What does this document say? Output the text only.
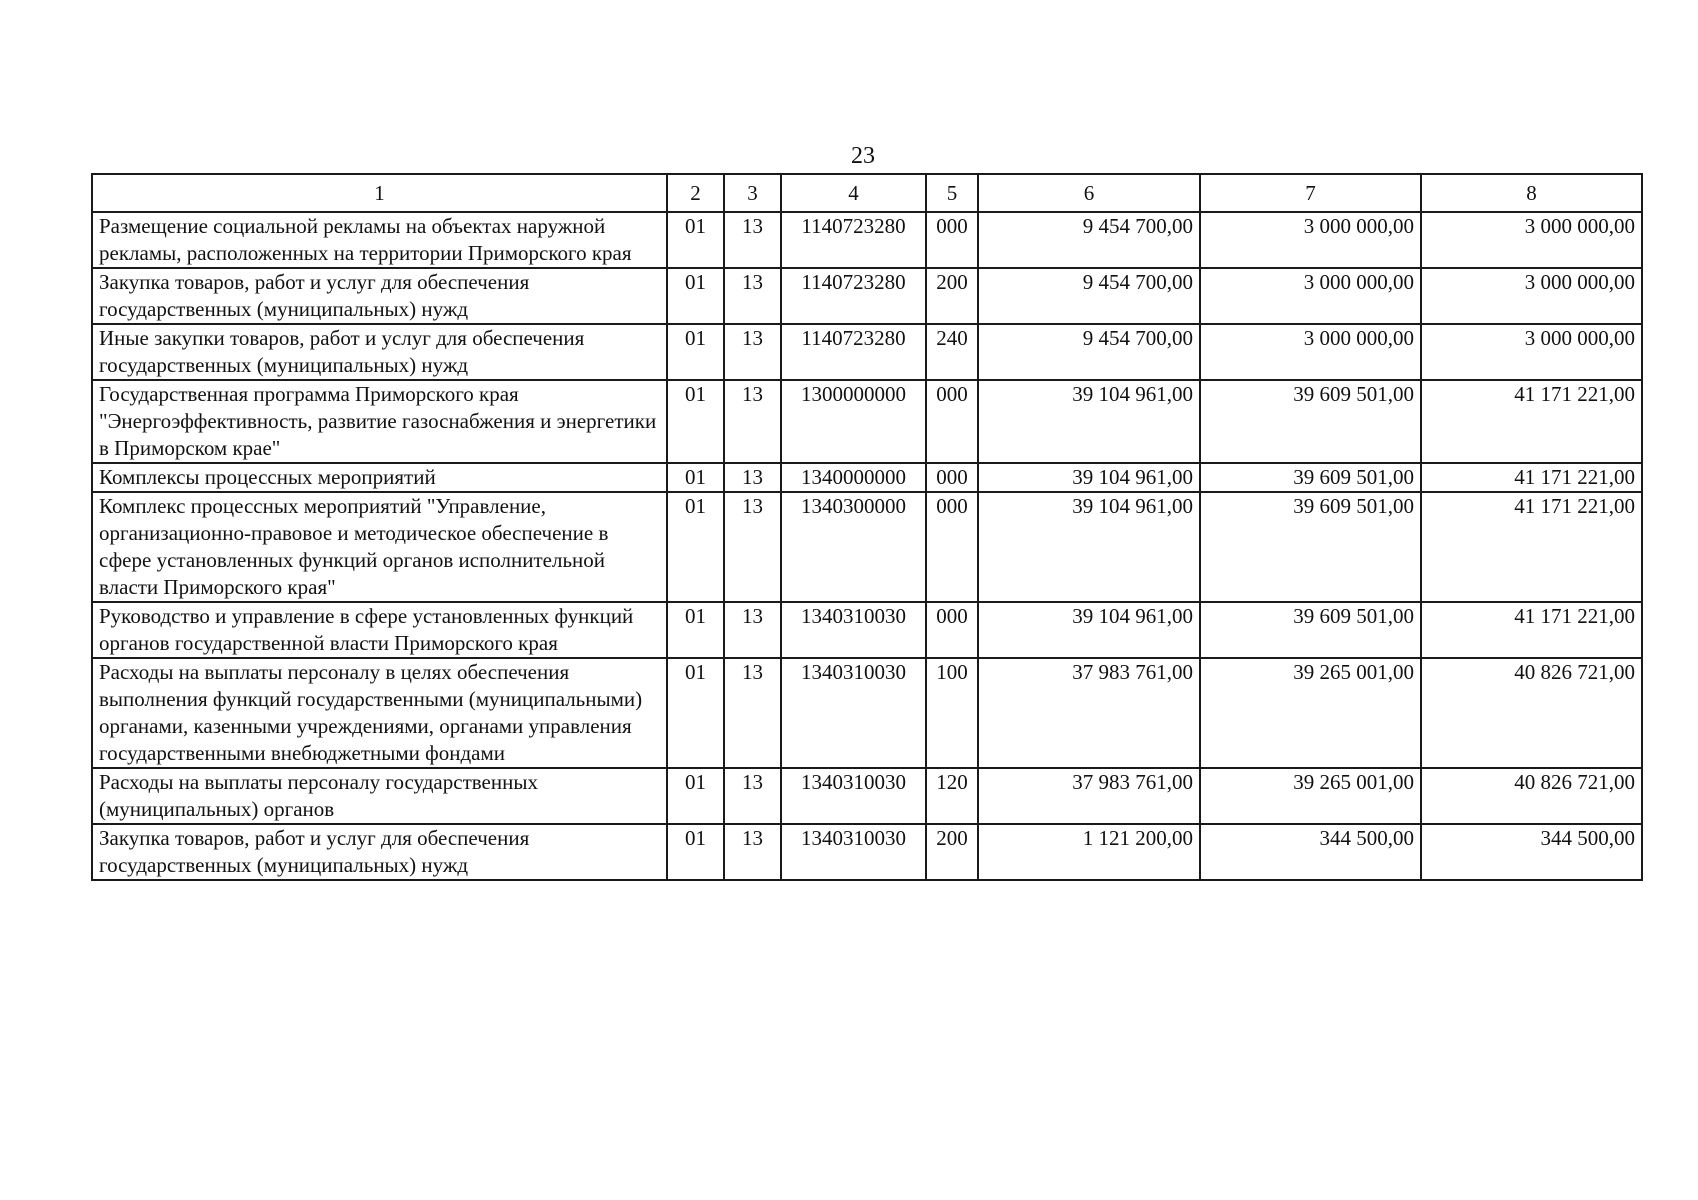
23
1	2	3	4	5	6	7	8
Размещение социальной рекламы на объектах наружной рекламы, расположенных на территории Приморского края	01	13	1140723280	000	9 454 700,00	3 000 000,00	3 000 000,00
Закупка товаров, работ и услуг для обеспечения государственных (муниципальных) нужд	01	13	1140723280	200	9 454 700,00	3 000 000,00	3 000 000,00
Иные закупки товаров, работ и услуг для обеспечения государственных (муниципальных) нужд	01	13	1140723280	240	9 454 700,00	3 000 000,00	3 000 000,00
Государственная программа Приморского края "Энергоэффективность, развитие газоснабжения и энергетики в Приморском крае"	01	13	1300000000	000	39 104 961,00	39 609 501,00	41 171 221,00
Комплексы процессных мероприятий	01	13	1340000000	000	39 104 961,00	39 609 501,00	41 171 221,00
Комплекс процессных мероприятий "Управление, организационно-правовое и методическое обеспечение в сфере установленных функций органов исполнительной власти Приморского края"	01	13	1340300000	000	39 104 961,00	39 609 501,00	41 171 221,00
Руководство и управление в сфере установленных функций органов государственной власти Приморского края	01	13	1340310030	000	39 104 961,00	39 609 501,00	41 171 221,00
Расходы на выплаты персоналу в целях обеспечения выполнения функций государственными (муниципальными) органами, казенными учреждениями, органами управления государственными внебюджетными фондами	01	13	1340310030	100	37 983 761,00	39 265 001,00	40 826 721,00
Расходы на выплаты персоналу государственных (муниципальных) органов	01	13	1340310030	120	37 983 761,00	39 265 001,00	40 826 721,00
Закупка товаров, работ и услуг для обеспечения государственных (муниципальных) нужд	01	13	1340310030	200	1 121 200,00	344 500,00	344 500,00
